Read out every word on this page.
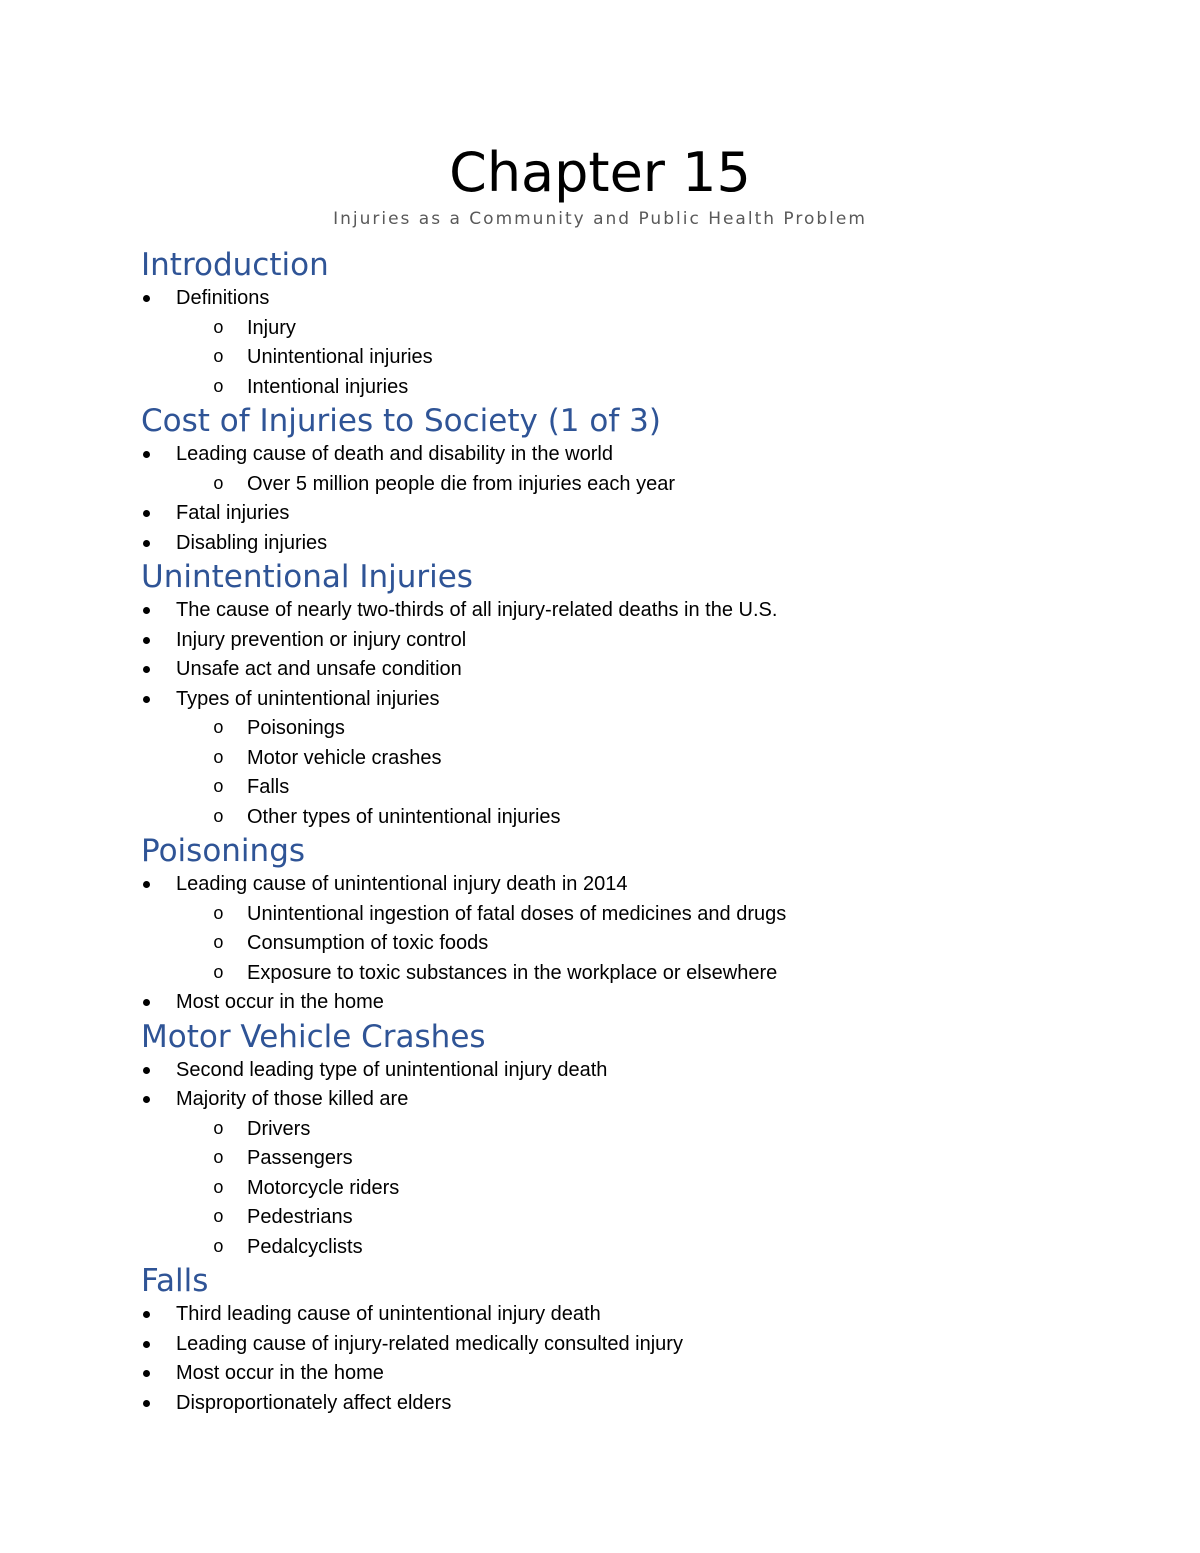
Chapter 15
Injuries as a Community and Public Health Problem
Introduction
Definitions
o Injury
o Unintentional injuries
o Intentional injuries
Cost of Injuries to Society (1 of 3)
Leading cause of death and disability in the world
o Over 5 million people die from injuries each year
Fatal injuries
Disabling injuries
Unintentional Injuries
The cause of nearly two-thirds of all injury-related deaths in the U.S.
Injury prevention or injury control
Unsafe act and unsafe condition
Types of unintentional injuries
o Poisonings
o Motor vehicle crashes
o Falls
o Other types of unintentional injuries
Poisonings
Leading cause of unintentional injury death in 2014
o Unintentional ingestion of fatal doses of medicines and drugs
o Consumption of toxic foods
o Exposure to toxic substances in the workplace or elsewhere
Most occur in the home
Motor Vehicle Crashes
Second leading type of unintentional injury death
Majority of those killed are
o Drivers
o Passengers
o Motorcycle riders
o Pedestrians
o Pedalcyclists
Falls
Third leading cause of unintentional injury death
Leading cause of injury-related medically consulted injury
Most occur in the home
Disproportionately affect elders
